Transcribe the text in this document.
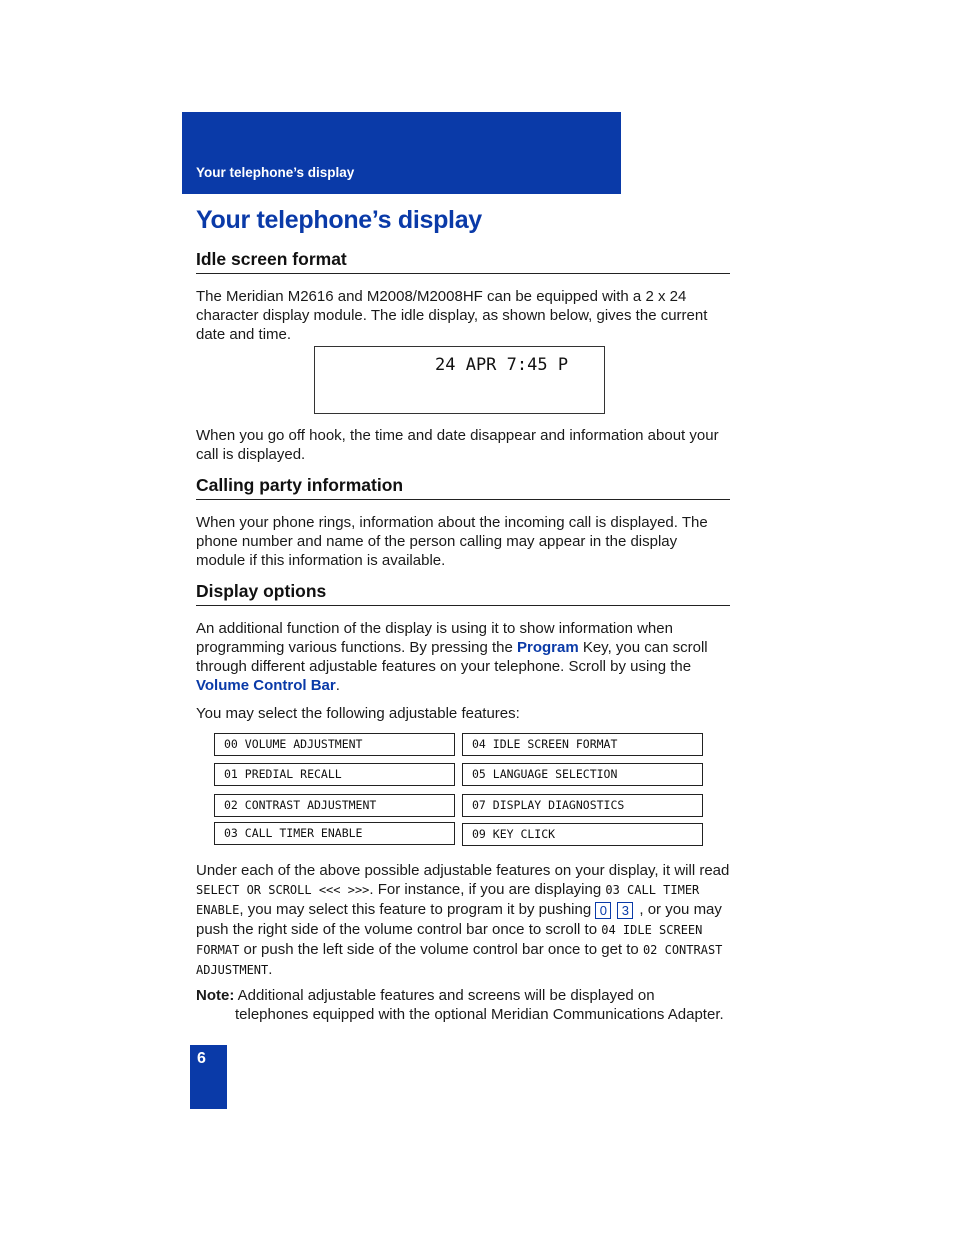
Your telephone’s display
Your telephone’s display
Idle screen format

The Meridian M2616 and M2008/M2008HF can be equipped with a 2 x 24 character display module. The idle display, as shown below, gives the current date and time.

24 APR 7:45 P

When you go off hook, the time and date disappear and information about your call is displayed.

Calling party information

When your phone rings, information about the incoming call is displayed. The phone number and name of the person calling may appear in the display module if this information is available.

Display options

An additional function of the display is using it to show information when programming various functions. By pressing the Program Key, you can scroll through different adjustable features on your telephone. Scroll by using the Volume Control Bar.

You may select the following adjustable features:

00 VOLUME ADJUSTMENT
01 PREDIAL RECALL
02 CONTRAST ADJUSTMENT
03 CALL TIMER ENABLE
04 IDLE SCREEN FORMAT
05 LANGUAGE SELECTION
07 DISPLAY DIAGNOSTICS
09 KEY CLICK

Under each of the above possible adjustable features on your display, it will read SELECT OR SCROLL <<< >>>. For instance, if you are displaying 03 CALL TIMER ENABLE, you may select this feature to program it by pushing 0 3 , or you may push the right side of the volume control bar once to scroll to 04 IDLE SCREEN FORMAT or push the left side of the volume control bar once to get to 02 CONTRAST ADJUSTMENT.

Note: Additional adjustable features and screens will be displayed on telephones equipped with the optional Meridian Communications Adapter.

6
